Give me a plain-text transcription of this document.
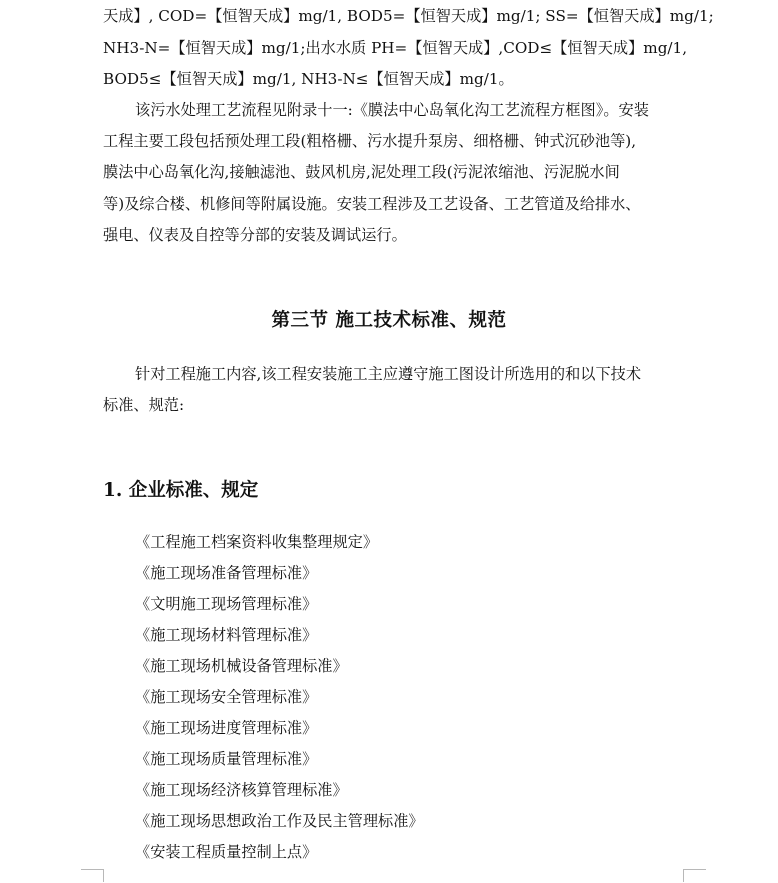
天成】, COD=【恒智天成】mg/1, BOD5=【恒智天成】mg/1; SS=【恒智天成】mg/1;
NH3-N=【恒智天成】mg/1;出水水质 PH=【恒智天成】,COD≤【恒智天成】mg/1,
BOD5≤【恒智天成】mg/1, NH3-N≤【恒智天成】mg/1。
该污水处理工艺流程见附录十一:《膜法中心岛氧化沟工艺流程方框图》。安装
工程主要工段包括预处理工段(粗格栅、污水提升泵房、细格栅、钟式沉砂池等),
膜法中心岛氧化沟,接触滤池、鼓风机房,泥处理工段(污泥浓缩池、污泥脱水间
等)及综合楼、机修间等附属设施。安装工程涉及工艺设备、工艺管道及给排水、
强电、仪表及自控等分部的安装及调试运行。
第三节 施工技术标准、规范
针对工程施工内容,该工程安装施工主应遵守施工图设计所选用的和以下技术
标准、规范:
1. 企业标准、规定
《工程施工档案资料收集整理规定》
《施工现场准备管理标准》
《文明施工现场管理标准》
《施工现场材料管理标准》
《施工现场机械设备管理标准》
《施工现场安全管理标准》
《施工现场进度管理标准》
《施工现场质量管理标准》
《施工现场经济核算管理标准》
《施工现场思想政治工作及民主管理标准》
《安装工程质量控制上点》
